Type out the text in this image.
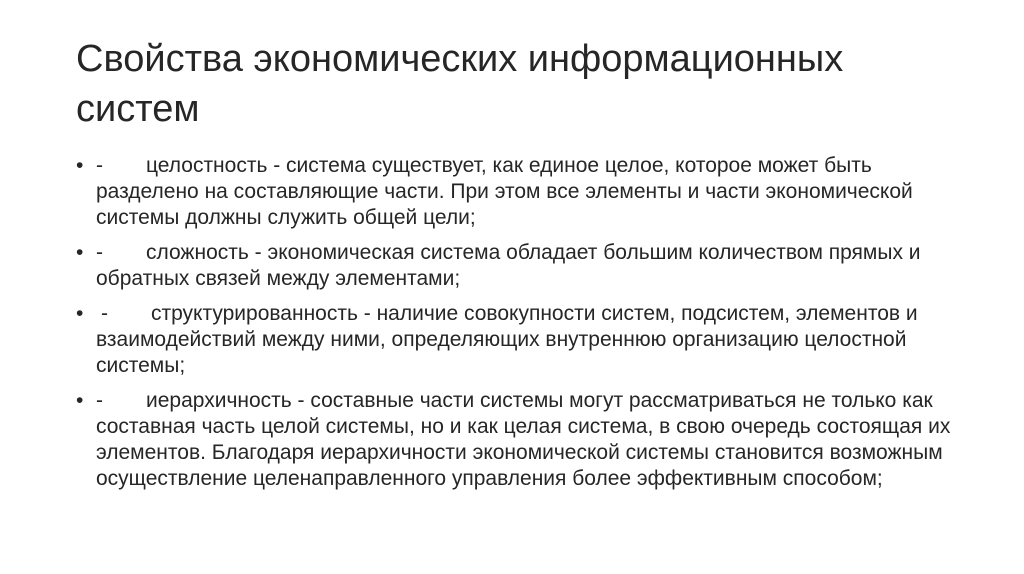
Свойства экономических информационных систем
• - целостность - система существует, как единое целое, которое может быть разделено на составляющие части. При этом все элементы и части экономической системы должны служить общей цели;
• - сложность - экономическая система обладает большим количеством прямых и обратных связей между элементами;
• - структурированность - наличие совокупности систем, подсистем, элементов и взаимодействий между ними, определяющих внутреннюю организацию целостной системы;
• - иерархичность - составные части системы могут рассматриваться не только как составная часть целой системы, но и как целая система, в свою очередь состоящая их элементов. Благодаря иерархичности экономической системы становится возможным осуществление целенаправленного управления более эффективным способом;
